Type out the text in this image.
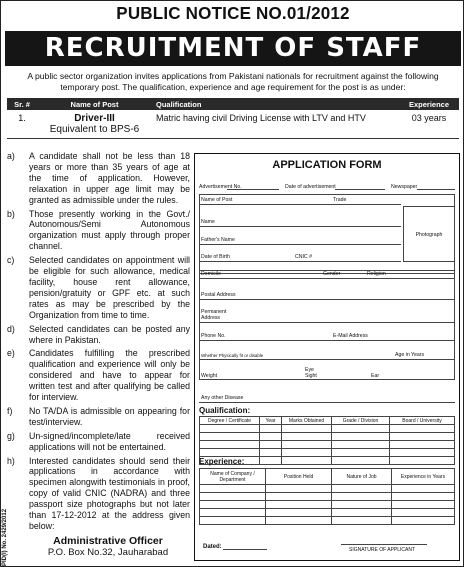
PUBLIC NOTICE NO.01/2012
RECRUITMENT OF STAFF
A public sector organization invites applications from Pakistani nationals for recruitment against the following temporary post. The qualification, experience and age requirement for the post is as under:
Sr. #	Name of Post	Qualification	Experience
1.	Driver-III
Equivalent to BPS-6	Matric having civil Driving License with LTV and HTV	03 years
a)	A candidate shall not be less than 18 years or more than 35 years of age at the time of application. However, relaxation in upper age limit may be granted as admissible under the rules.
b)	Those presently working in the Govt./ Autonomous/Semi Autonomous organization must apply through proper channel.
c)	Selected candidates on appointment will be eligible for such allowance, medical facility, house rent allowance, pension/gratuity or GPF etc. at such rates as may be prescribed by the Organization from time to time.
d)	Selected candidates can be posted any where in Pakistan.
e)	Candidates fulfilling the prescribed qualification and experience will only be considered and have to appear for written test and after qualifying be called for interview.
f)	No TA/DA is admissible on appearing for test/interview.
g)	Un-signed/incomplete/late received applications will not be entertained.
h)	Interested candidates should send their applications in accordance with specimen alongwith testimonials in proof, copy of valid CNIC (NADRA) and three passport size photographs but not later than 17-12-2012 at the address given below:
Administrative Officer
P.O. Box No.32, Jauharabad
PID(I) No. 2429/2012
APPLICATION FORM
Advertisement No.	Date of advertisement	Newspaper
Name of Post	Trade
Name
Father's Name
Date of Birth	CNIC #
Photograph
Domicile	Gender	Religion
Postal Address
Permanent Address
Phone No.	E-Mail Address
Whether Physically fit or disable	Age in Years
Weight
Eye Sight	Ear
Any other Disease
Qualification:
Degree / Certificate	Year	Marks Obtained	Grade / Division	Board / University

Experience:
Name of Company / Department	Position Held	Nature of Job	Experience in Years

Dated:	SIGNATURE OF APPLICANT
